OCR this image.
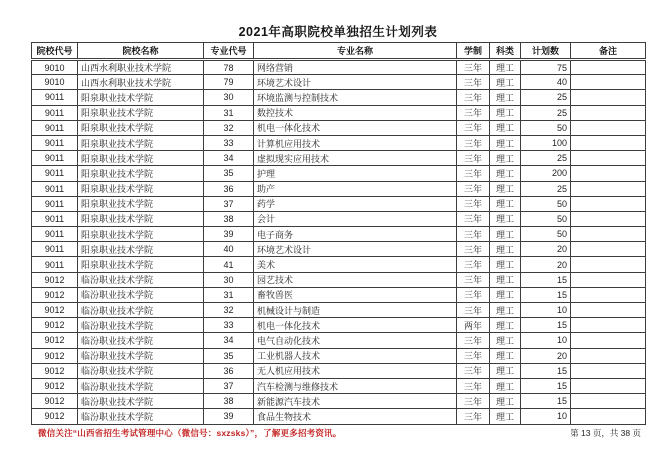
2021年高职院校单独招生计划列表
院校代号	院校名称	专业代号	专业名称	学制	科类	计划数	备注
9010	山西水利职业技术学院	78	网络营销	三年	理工	75	
9010	山西水利职业技术学院	79	环境艺术设计	三年	理工	40	
9011	阳泉职业技术学院	30	环境监测与控制技术	三年	理工	25	
9011	阳泉职业技术学院	31	数控技术	三年	理工	25	
9011	阳泉职业技术学院	32	机电一体化技术	三年	理工	50	
9011	阳泉职业技术学院	33	计算机应用技术	三年	理工	100	
9011	阳泉职业技术学院	34	虚拟现实应用技术	三年	理工	25	
9011	阳泉职业技术学院	35	护理	三年	理工	200	
9011	阳泉职业技术学院	36	助产	三年	理工	25	
9011	阳泉职业技术学院	37	药学	三年	理工	50	
9011	阳泉职业技术学院	38	会计	三年	理工	50	
9011	阳泉职业技术学院	39	电子商务	三年	理工	50	
9011	阳泉职业技术学院	40	环境艺术设计	三年	理工	20	
9011	阳泉职业技术学院	41	美术	三年	理工	20	
9012	临汾职业技术学院	30	园艺技术	三年	理工	15	
9012	临汾职业技术学院	31	畜牧兽医	三年	理工	15	
9012	临汾职业技术学院	32	机械设计与制造	三年	理工	10	
9012	临汾职业技术学院	33	机电一体化技术	两年	理工	15	
9012	临汾职业技术学院	34	电气自动化技术	三年	理工	10	
9012	临汾职业技术学院	35	工业机器人技术	三年	理工	20	
9012	临汾职业技术学院	36	无人机应用技术	三年	理工	15	
9012	临汾职业技术学院	37	汽车检测与维修技术	三年	理工	15	
9012	临汾职业技术学院	38	新能源汽车技术	三年	理工	15	
9012	临汾职业技术学院	39	食品生物技术	三年	理工	10	
微信关注“山西省招生考试管理中心（微信号：sxzsks）”，了解更多招考资讯。	第 13 页，共 38 页
